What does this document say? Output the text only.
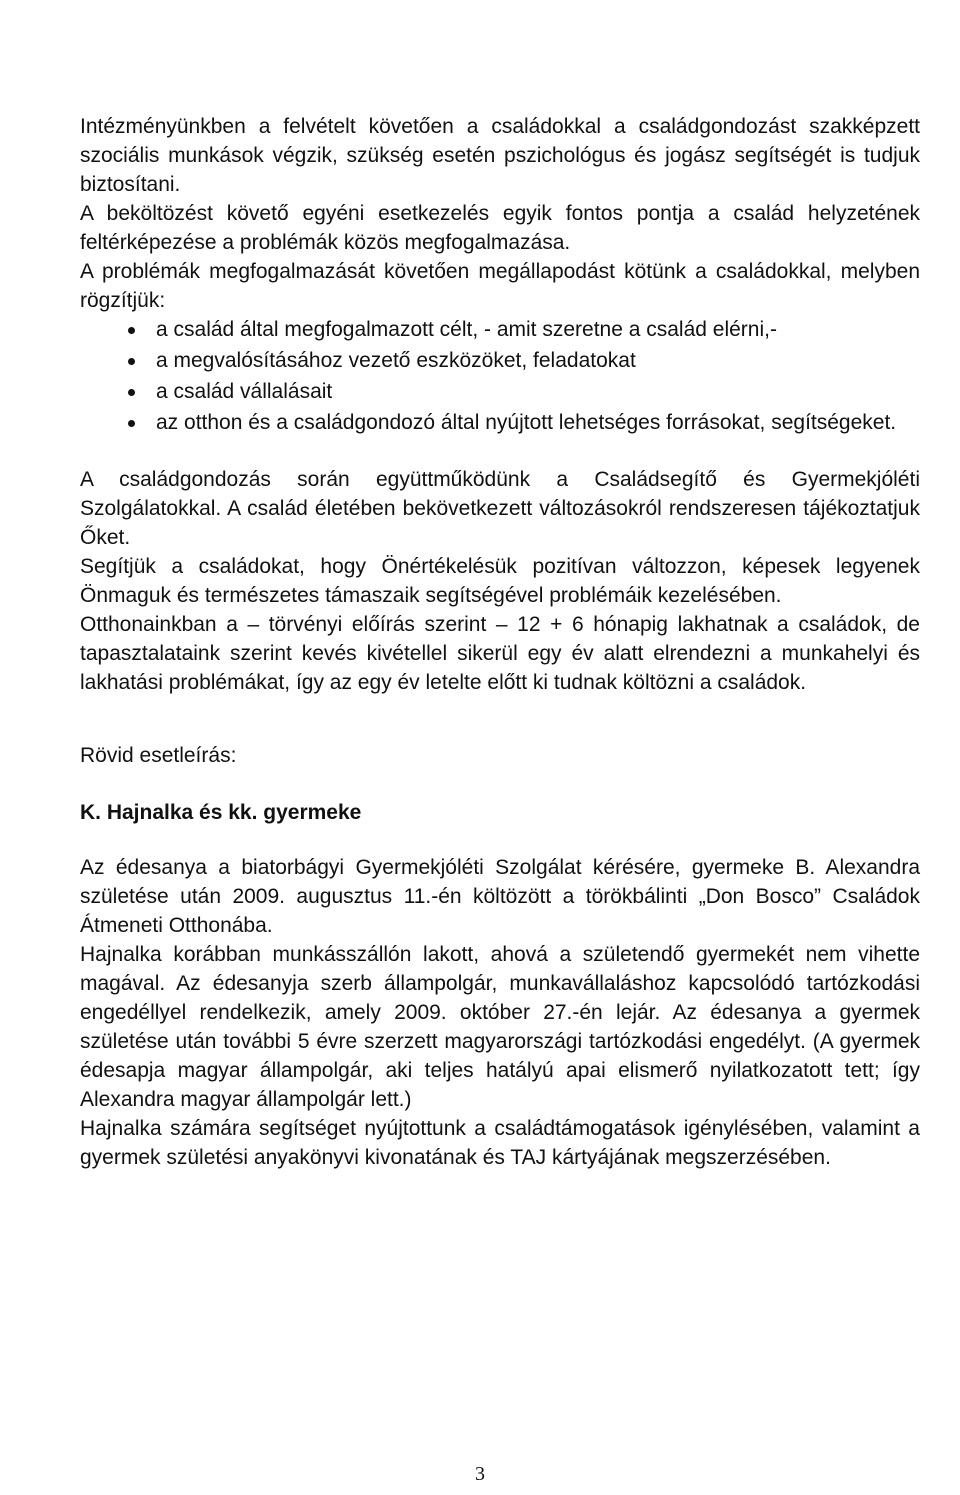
Intézményünkben a felvételt követően a családokkal a családgondozást szakképzett szociális munkások végzik, szükség esetén pszichológus és jogász segítségét is tudjuk biztosítani.

A beköltözést követő egyéni esetkezelés egyik fontos pontja a család helyzetének feltérképezése a problémák közös megfogalmazása.

A problémák megfogalmazását követően megállapodást kötünk a családokkal, melyben rögzítjük:

a család által megfogalmazott célt, - amit szeretne a család elérni,-
a megvalósításához vezető eszközöket, feladatokat
a család vállalásait
az otthon és a családgondozó által nyújtott lehetséges forrásokat, segítségeket.

A családgondozás során együttműködünk a Családsegítő és Gyermekjóléti Szolgálatokkal. A család életében bekövetkezett változásokról rendszeresen tájékoztatjuk Őket.

Segítjük a családokat, hogy Önértékelésük pozitívan változzon, képesek legyenek Önmaguk és természetes támaszaik segítségével problémáik kezelésében.

Otthonainkban a – törvényi előírás szerint – 12 + 6 hónapig lakhatnak a családok, de tapasztalataink szerint kevés kivétellel sikerül egy év alatt elrendezni a munkahelyi és lakhatási problémákat, így az egy év letelte előtt ki tudnak költözni a családok.

Rövid esetleírás:

K. Hajnalka és kk. gyermeke

Az édesanya a biatorbágyi Gyermekjóléti Szolgálat kérésére, gyermeke B. Alexandra születése után 2009. augusztus 11.-én költözött a törökbálinti „Don Bosco” Családok Átmeneti Otthonába.

Hajnalka korábban munkásszállón lakott, ahová a születendő gyermekét nem vihette magával. Az édesanyja szerb állampolgár, munkavállaláshoz kapcsolódó tartózkodási engedéllyel rendelkezik, amely 2009. október 27.-én lejár. Az édesanya a gyermek születése után további 5 évre szerzett magyarországi tartózkodási engedélyt. (A gyermek édesapja magyar állampolgár, aki teljes hatályú apai elismerő nyilatkozatott tett; így Alexandra magyar állampolgár lett.)

Hajnalka számára segítséget nyújtottunk a családtámogatások igénylésében, valamint a gyermek születési anyakönyvi kivonatának és TAJ kártyájának megszerzésében.

3
